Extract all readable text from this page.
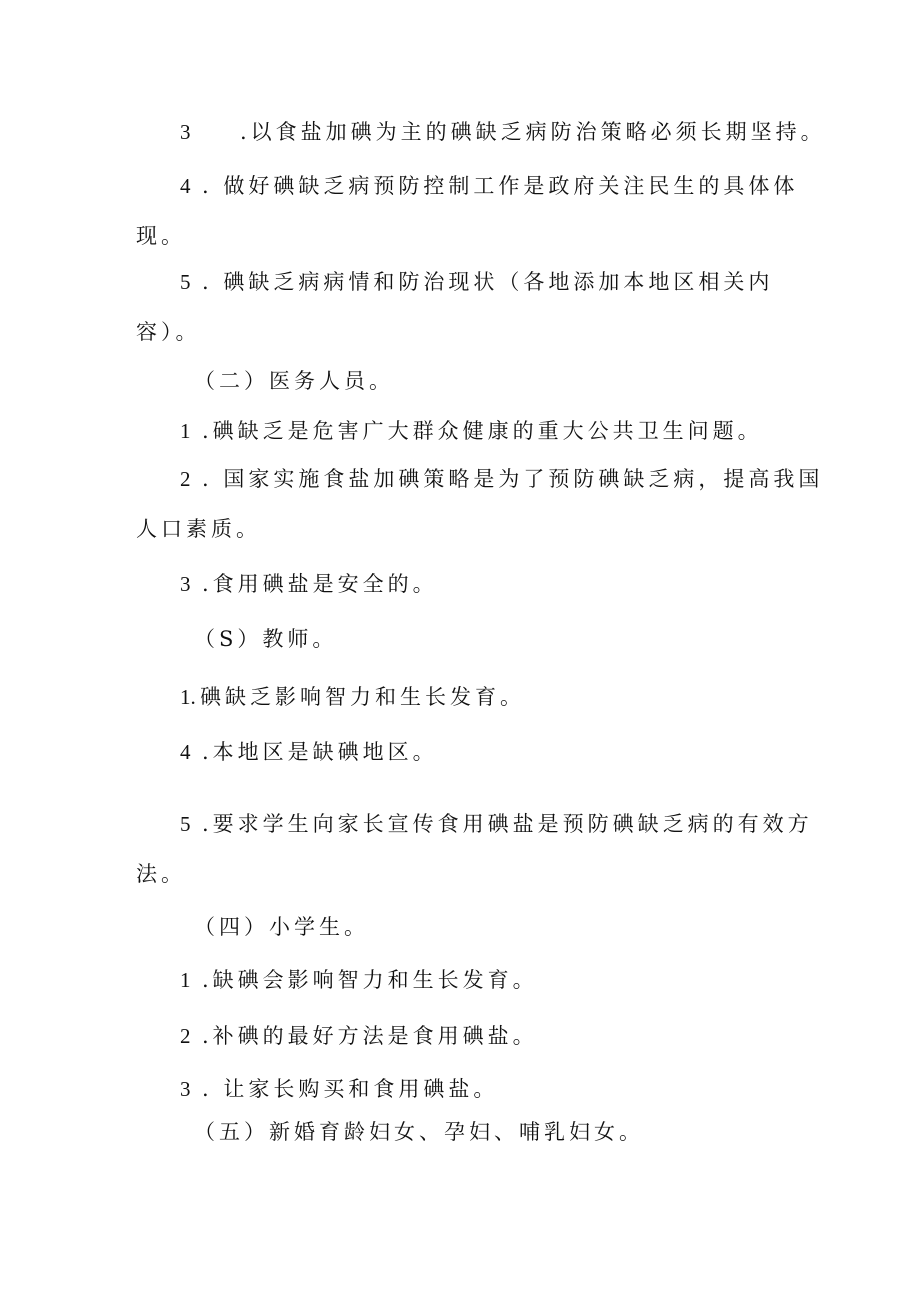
3 .以食盐加碘为主的碘缺乏病防治策略必须长期坚持。
4 . 做好碘缺乏病预防控制工作是政府关注民生的具体体
现。
5 . 碘缺乏病病情和防治现状（各地添加本地区相关内
容）。
（二）医务人员。
1 .碘缺乏是危害广大群众健康的重大公共卫生问题。
2 . 国家实施食盐加碘策略是为了预防碘缺乏病，提高我国
人口素质。
3 .食用碘盐是安全的。
（S）教师。
1. 碘缺乏影响智力和生长发育。
4 .本地区是缺碘地区。
5 .要求学生向家长宣传食用碘盐是预防碘缺乏病的有效方
法。
（四）小学生。
1 .缺碘会影响智力和生长发育。
2 .补碘的最好方法是食用碘盐。
3 . 让家长购买和食用碘盐。
（五）新婚育龄妇女、孕妇、哺乳妇女。
